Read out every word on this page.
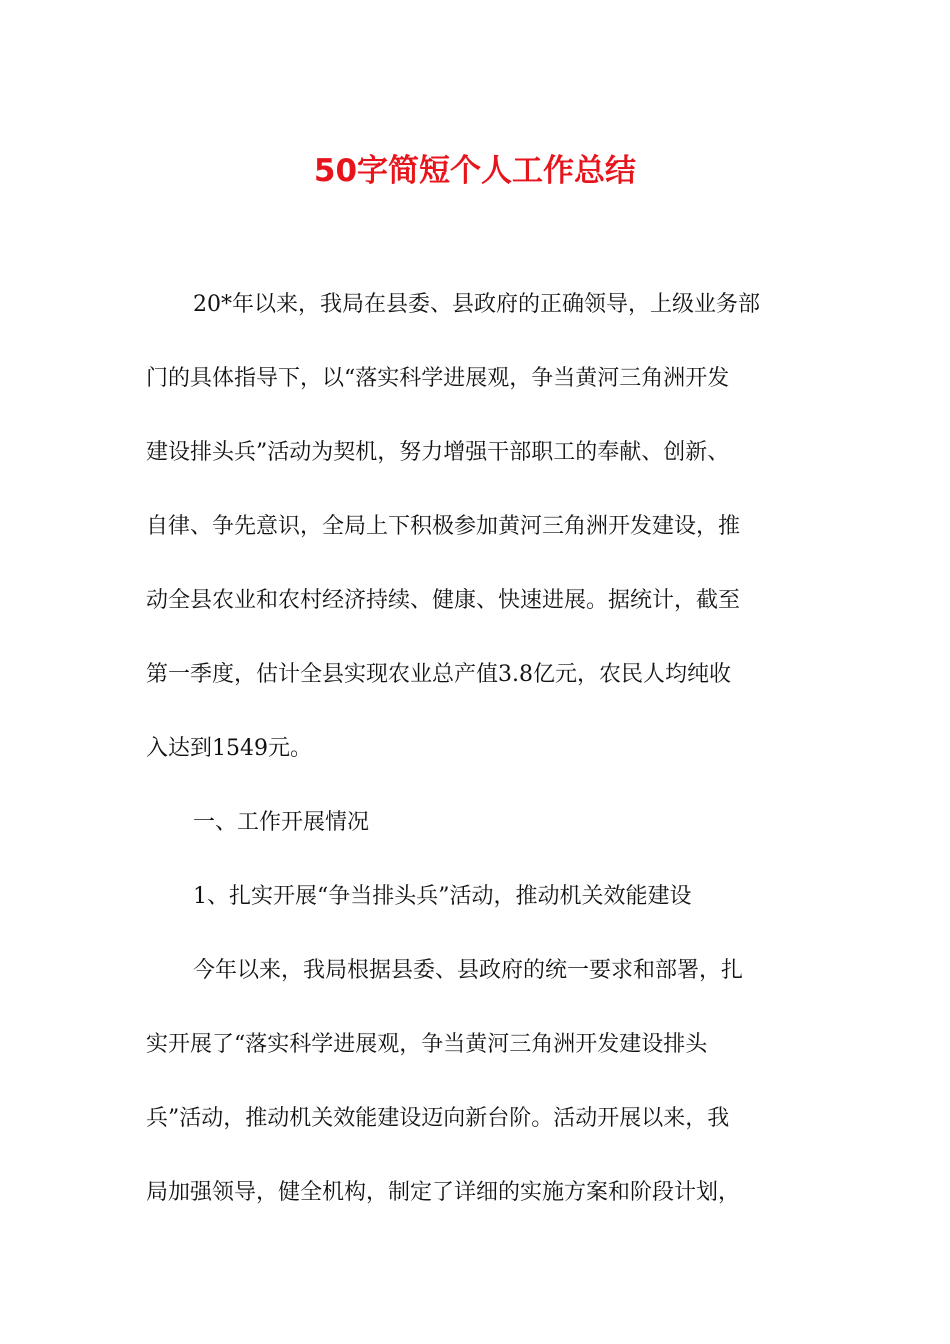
50字简短个人工作总结
20*年以来，我局在县委、县政府的正确领导，上级业务部
门的具体指导下，以“落实科学进展观，争当黄河三角洲开发
建设排头兵”活动为契机，努力增强干部职工的奉献、创新、
自律、争先意识，全局上下积极参加黄河三角洲开发建设，推
动全县农业和农村经济持续、健康、快速进展。据统计，截至
第一季度，估计全县实现农业总产值3.8亿元，农民人均纯收
入达到1549元。
一、工作开展情况
1、扎实开展“争当排头兵”活动，推动机关效能建设
今年以来，我局根据县委、县政府的统一要求和部署，扎
实开展了“落实科学进展观，争当黄河三角洲开发建设排头
兵”活动，推动机关效能建设迈向新台阶。活动开展以来，我
局加强领导，健全机构，制定了详细的实施方案和阶段计划，
